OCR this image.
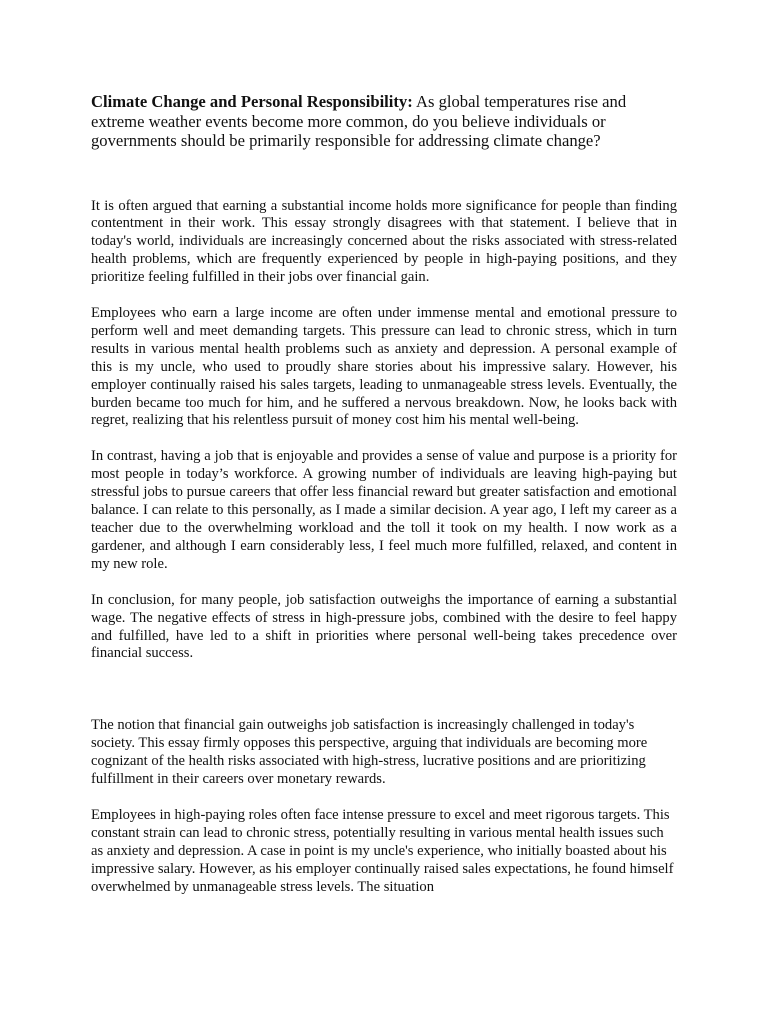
Climate Change and Personal Responsibility: As global temperatures rise and extreme weather events become more common, do you believe individuals or governments should be primarily responsible for addressing climate change?

It is often argued that earning a substantial income holds more significance for people than finding contentment in their work. This essay strongly disagrees with that statement. I believe that in today's world, individuals are increasingly concerned about the risks associated with stress-related health problems, which are frequently experienced by people in high-paying positions, and they prioritize feeling fulfilled in their jobs over financial gain.

Employees who earn a large income are often under immense mental and emotional pressure to perform well and meet demanding targets. This pressure can lead to chronic stress, which in turn results in various mental health problems such as anxiety and depression. A personal example of this is my uncle, who used to proudly share stories about his impressive salary. However, his employer continually raised his sales targets, leading to unmanageable stress levels. Eventually, the burden became too much for him, and he suffered a nervous breakdown. Now, he looks back with regret, realizing that his relentless pursuit of money cost him his mental well-being.

In contrast, having a job that is enjoyable and provides a sense of value and purpose is a priority for most people in today’s workforce. A growing number of individuals are leaving high-paying but stressful jobs to pursue careers that offer less financial reward but greater satisfaction and emotional balance. I can relate to this personally, as I made a similar decision. A year ago, I left my career as a teacher due to the overwhelming workload and the toll it took on my health. I now work as a gardener, and although I earn considerably less, I feel much more fulfilled, relaxed, and content in my new role.

In conclusion, for many people, job satisfaction outweighs the importance of earning a substantial wage. The negative effects of stress in high-pressure jobs, combined with the desire to feel happy and fulfilled, have led to a shift in priorities where personal well-being takes precedence over financial success.

The notion that financial gain outweighs job satisfaction is increasingly challenged in today's society. This essay firmly opposes this perspective, arguing that individuals are becoming more cognizant of the health risks associated with high-stress, lucrative positions and are prioritizing fulfillment in their careers over monetary rewards.

Employees in high-paying roles often face intense pressure to excel and meet rigorous targets. This constant strain can lead to chronic stress, potentially resulting in various mental health issues such as anxiety and depression. A case in point is my uncle's experience, who initially boasted about his impressive salary. However, as his employer continually raised sales expectations, he found himself overwhelmed by unmanageable stress levels. The situation
